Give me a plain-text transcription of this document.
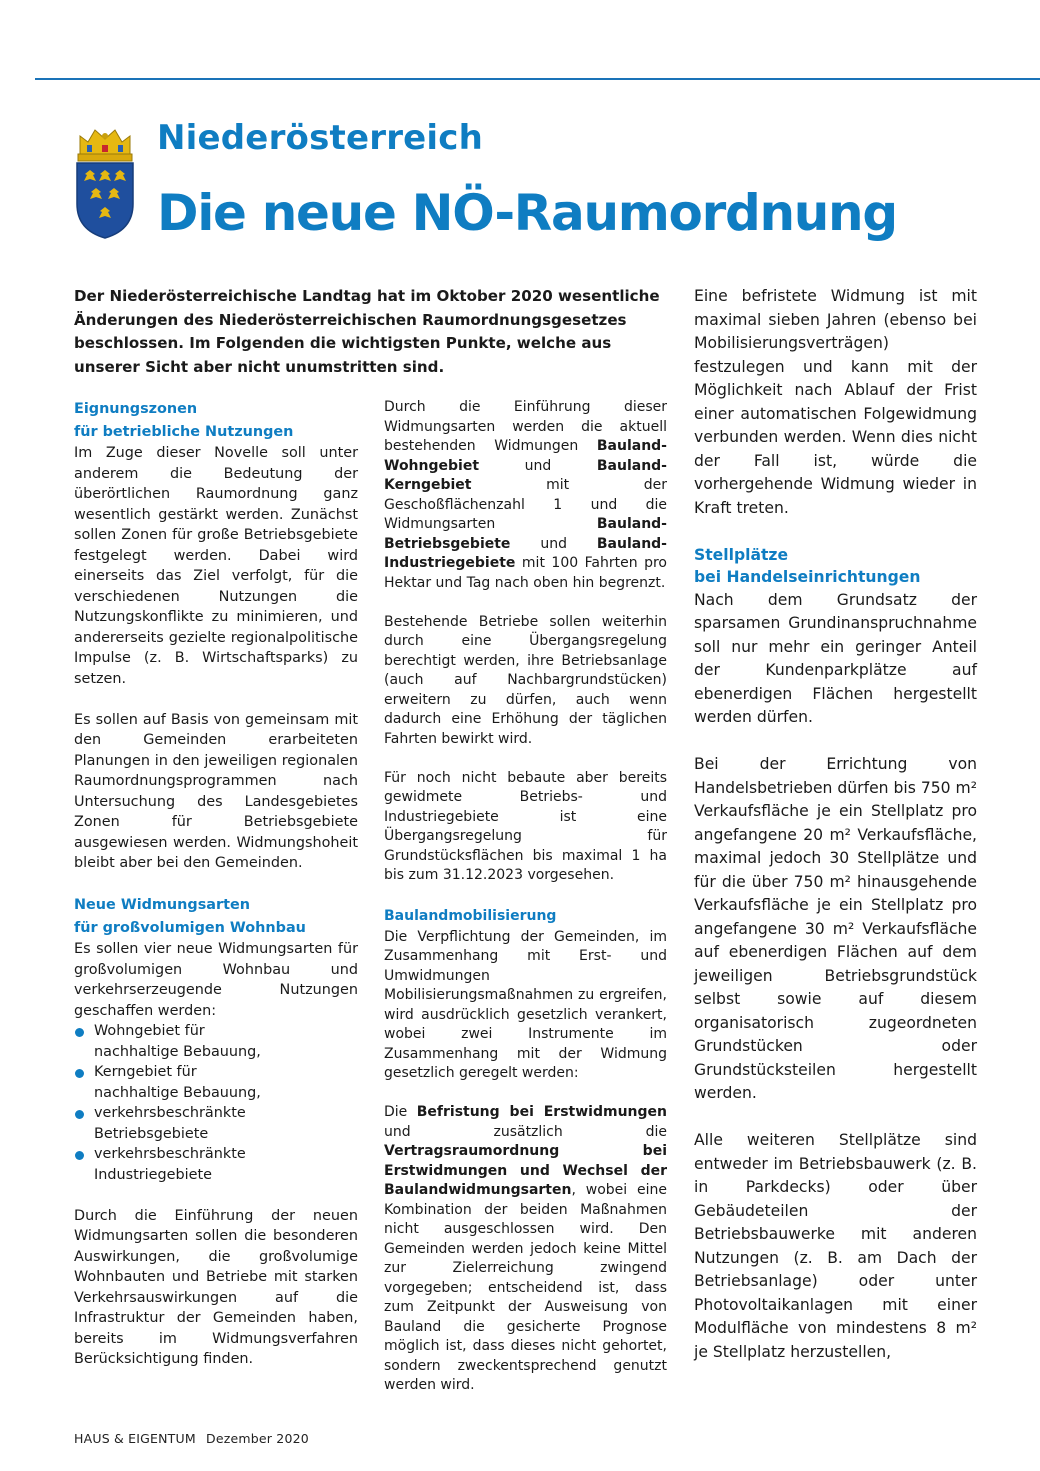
Niederösterreich
Die neue NÖ-Raumordnung
Der Niederösterreichische Landtag hat im Oktober 2020 wesentliche Änderungen des Niederösterreichischen Raumordnungsgesetzes beschlossen. Im Folgenden die wichtigsten Punkte, welche aus unserer Sicht aber nicht unumstritten sind.
Eignungszonen
für betriebliche Nutzungen

Im Zuge dieser Novelle soll unter anderem die Bedeutung der überörtlichen Raumordnung ganz wesentlich gestärkt werden. Zunächst sollen Zonen für große Betriebsgebiete festgelegt werden. Dabei wird einerseits das Ziel verfolgt, für die verschiedenen Nutzungen die Nutzungskonflikte zu minimieren, und andererseits gezielte regionalpolitische Impulse (z. B. Wirtschaftsparks) zu setzen.

Es sollen auf Basis von gemeinsam mit den Gemeinden erarbeiteten Planungen in den jeweiligen regionalen Raumordnungsprogrammen nach Untersuchung des Landesgebietes Zonen für Betriebsgebiete ausgewiesen werden. Widmungshoheit bleibt aber bei den Gemeinden.

Neue Widmungsarten
für großvolumigen Wohnbau

Es sollen vier neue Widmungsarten für großvolumigen Wohnbau und verkehrserzeugende Nutzungen geschaffen werden:

Wohngebiet für
nachhaltige Bebauung,
Kerngebiet für
nachhaltige Bebauung,
verkehrsbeschränkte
Betriebsgebiete
verkehrsbeschränkte
Industriegebiete

Durch die Einführung der neuen Widmungsarten sollen die besonderen Auswirkungen, die großvolumige Wohnbauten und Betriebe mit starken Verkehrsauswirkungen auf die Infrastruktur der Gemeinden haben, bereits im Widmungsverfahren Berücksichtigung finden.

Durch die Einführung dieser Widmungsarten werden die aktuell bestehenden Widmungen Bauland-Wohngebiet und Bauland-Kerngebiet mit der Geschoßflächenzahl 1 und die Widmungsarten Bauland-Betriebsgebiete und Bauland-Industriegebiete mit 100 Fahrten pro Hektar und Tag nach oben hin begrenzt.

Bestehende Betriebe sollen weiterhin durch eine Übergangsregelung berechtigt werden, ihre Betriebsanlage (auch auf Nachbargrundstücken) erweitern zu dürfen, auch wenn dadurch eine Erhöhung der täglichen Fahrten bewirkt wird.

Für noch nicht bebaute aber bereits gewidmete Betriebs- und Industriegebiete ist eine Übergangsregelung für Grundstücksflächen bis maximal 1 ha bis zum 31.12.2023 vorgesehen.

Baulandmobilisierung

Die Verpflichtung der Gemeinden, im Zusammenhang mit Erst- und Umwidmungen Mobilisierungsmaßnahmen zu ergreifen, wird ausdrücklich gesetzlich verankert, wobei zwei Instrumente im Zusammenhang mit der Widmung gesetzlich geregelt werden:

Die Befristung bei Erstwidmungen und zusätzlich die Vertragsraumordnung bei Erstwidmungen und Wechsel der Baulandwidmungsarten, wobei eine Kombination der beiden Maßnahmen nicht ausgeschlossen wird. Den Gemeinden werden jedoch keine Mittel zur Zielerreichung zwingend vorgegeben; entscheidend ist, dass zum Zeitpunkt der Ausweisung von Bauland die gesicherte Prognose möglich ist, dass dieses nicht gehortet, sondern zweckentsprechend genutzt werden wird.

Eine befristete Widmung ist mit maximal sieben Jahren (ebenso bei Mobilisierungsverträgen) festzulegen und kann mit der Möglichkeit nach Ablauf der Frist einer automatischen Folgewidmung verbunden werden. Wenn dies nicht der Fall ist, würde die vorhergehende Widmung wieder in Kraft treten.

Stellplätze
bei Handelseinrichtungen

Nach dem Grundsatz der sparsamen Grundinanspruchnahme soll nur mehr ein geringer Anteil der Kundenparkplätze auf ebenerdigen Flächen hergestellt werden dürfen.

Bei der Errichtung von Handelsbetrieben dürfen bis 750 m² Verkaufsfläche je ein Stellplatz pro angefangene 20 m² Verkaufsfläche, maximal jedoch 30 Stellplätze und für die über 750 m² hinausgehende Verkaufsfläche je ein Stellplatz pro angefangene 30 m² Verkaufsfläche auf ebenerdigen Flächen auf dem jeweiligen Betriebsgrundstück selbst sowie auf diesem organisatorisch zugeordneten Grundstücken oder Grundstücksteilen hergestellt werden.

Alle weiteren Stellplätze sind entweder im Betriebsbauwerk (z. B. in Parkdecks) oder über Gebäudeteilen der Betriebsbauwerke mit anderen Nutzungen (z. B. am Dach der Betriebsanlage) oder unter Photovoltaikanlagen mit einer Modulfläche von mindestens 8 m² je Stellplatz herzustellen,

HAUS & EIGENTUM Dezember 2020
